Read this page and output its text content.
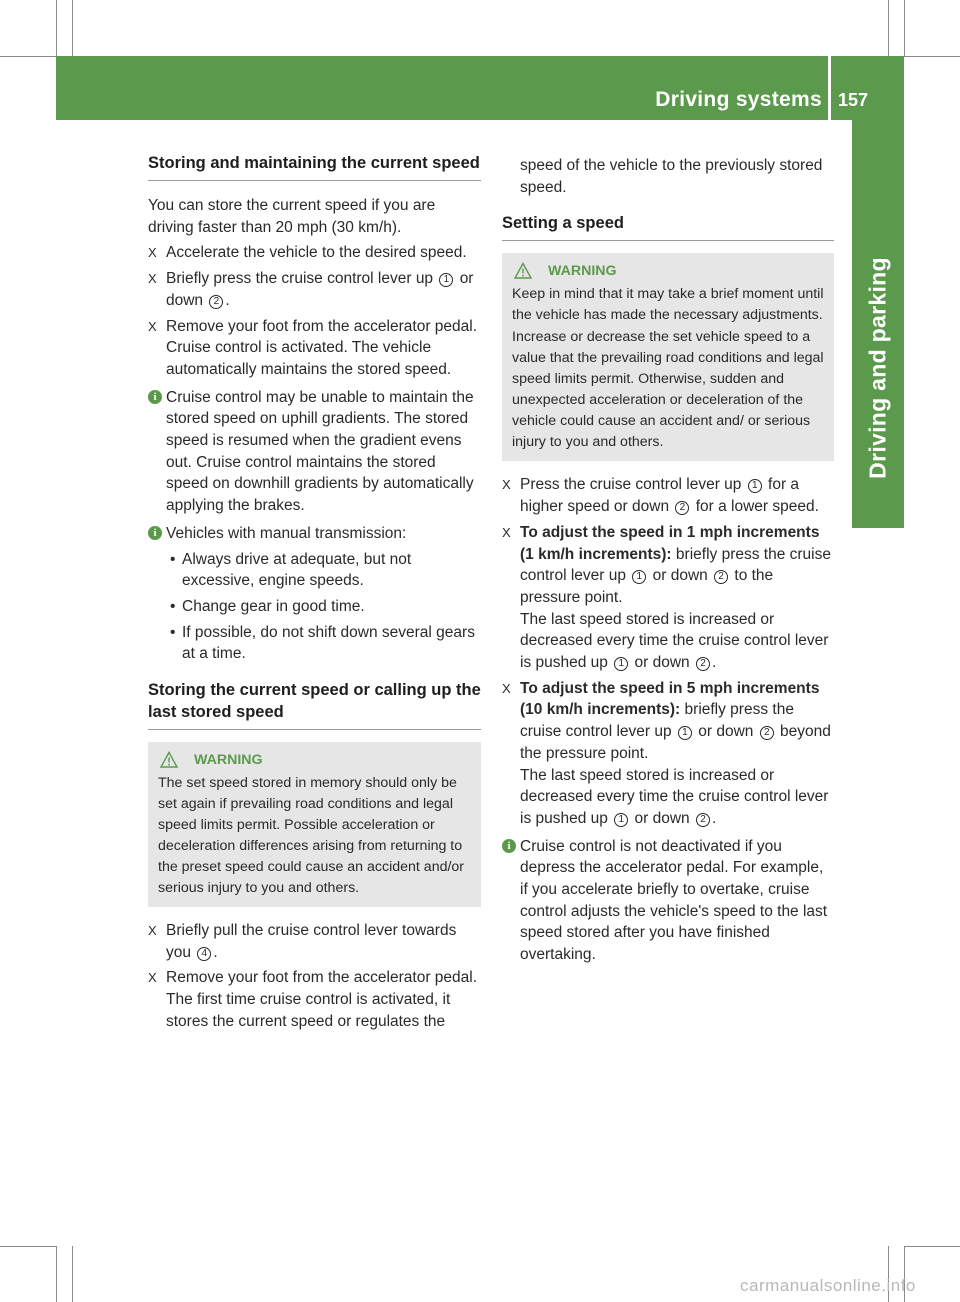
Driving systems 157
Driving and parking
Storing and maintaining the current speed

You can store the current speed if you are driving faster than 20 mph (30 km/h).

X Accelerate the vehicle to the desired speed.
X Briefly press the cruise control lever up 1 or down 2 .
X Remove your foot from the accelerator pedal. Cruise control is activated. The vehicle automatically maintains the stored speed.
i Cruise control may be unable to maintain the stored speed on uphill gradients. The stored speed is resumed when the gradient evens out. Cruise control maintains the stored speed on downhill gradients by automatically applying the brakes.
i Vehicles with manual transmission:
• Always drive at adequate, but not excessive, engine speeds.
• Change gear in good time.
• If possible, do not shift down several gears at a time.
Storing the current speed or calling up the last stored speed
WARNING

The set speed stored in memory should only be set again if prevailing road conditions and legal speed limits permit. Possible acceleration or deceleration differences arising from returning to the preset speed could cause an accident and/or serious injury to you and others.

X Briefly pull the cruise control lever towards you 4 .
X Remove your foot from the accelerator pedal. The first time cruise control is activated, it stores the current speed or regulates the
speed of the vehicle to the previously stored speed.
Setting a speed
WARNING

Keep in mind that it may take a brief moment until the vehicle has made the necessary adjustments.

Increase or decrease the set vehicle speed to a value that the prevailing road conditions and legal speed limits permit. Otherwise, sudden and unexpected acceleration or deceleration of the vehicle could cause an accident and/ or serious injury to you and others.

X Press the cruise control lever up 1 for a higher speed or down 2 for a lower speed.
X To adjust the speed in 1 mph increments (1 km/h increments): briefly press the cruise control lever up 1 or down 2 to the pressure point.
The last speed stored is increased or decreased every time the cruise control lever is pushed up 1 or down 2 .
X To adjust the speed in 5 mph increments (10 km/h increments): briefly press the cruise control lever up 1 or down 2 beyond the pressure point.
The last speed stored is increased or decreased every time the cruise control lever is pushed up 1 or down 2 .
i Cruise control is not deactivated if you depress the accelerator pedal. For example, if you accelerate briefly to overtake, cruise control adjusts the vehicle's speed to the last speed stored after you have finished overtaking.
carmanualsonline.info
